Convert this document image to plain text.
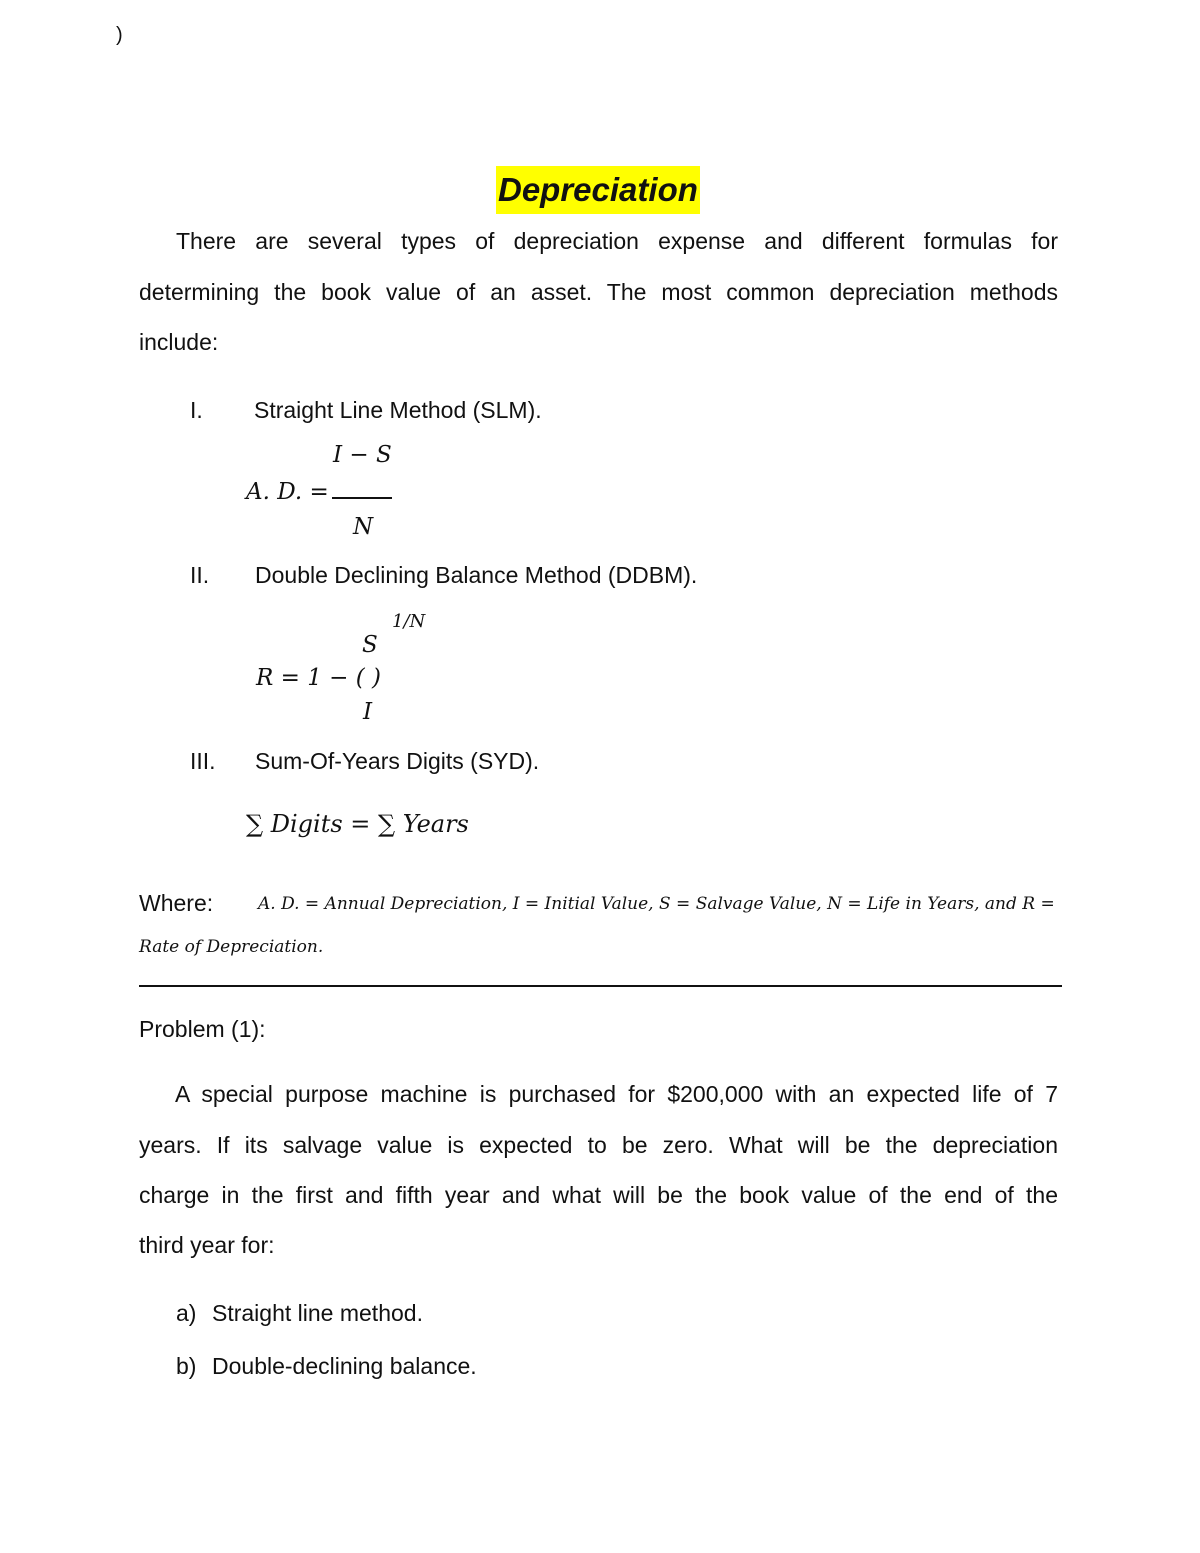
)
Depreciation
There are several types of depreciation expense and different formulas for
determining the book value of an asset. The most common depreciation methods
include:
I. Straight Line Method (SLM).
I − S
A. D. =
N
II. Double Declining Balance Method (DDBM).
1/N
S
R = 1 − ( )
I
III. Sum-Of-Years Digits (SYD).
∑ Digits = ∑ Years
Where:	A. D. = Annual Depreciation, I = Initial Value, S = Salvage Value, N = Life in Years, and R =
Rate of Depreciation.
Problem (1):
A special purpose machine is purchased for $200,000 with an expected life of 7
years. If its salvage value is expected to be zero. What will be the depreciation
charge in the first and fifth year and what will be the book value of the end of the
third year for:
a) Straight line method.
b) Double-declining balance.
